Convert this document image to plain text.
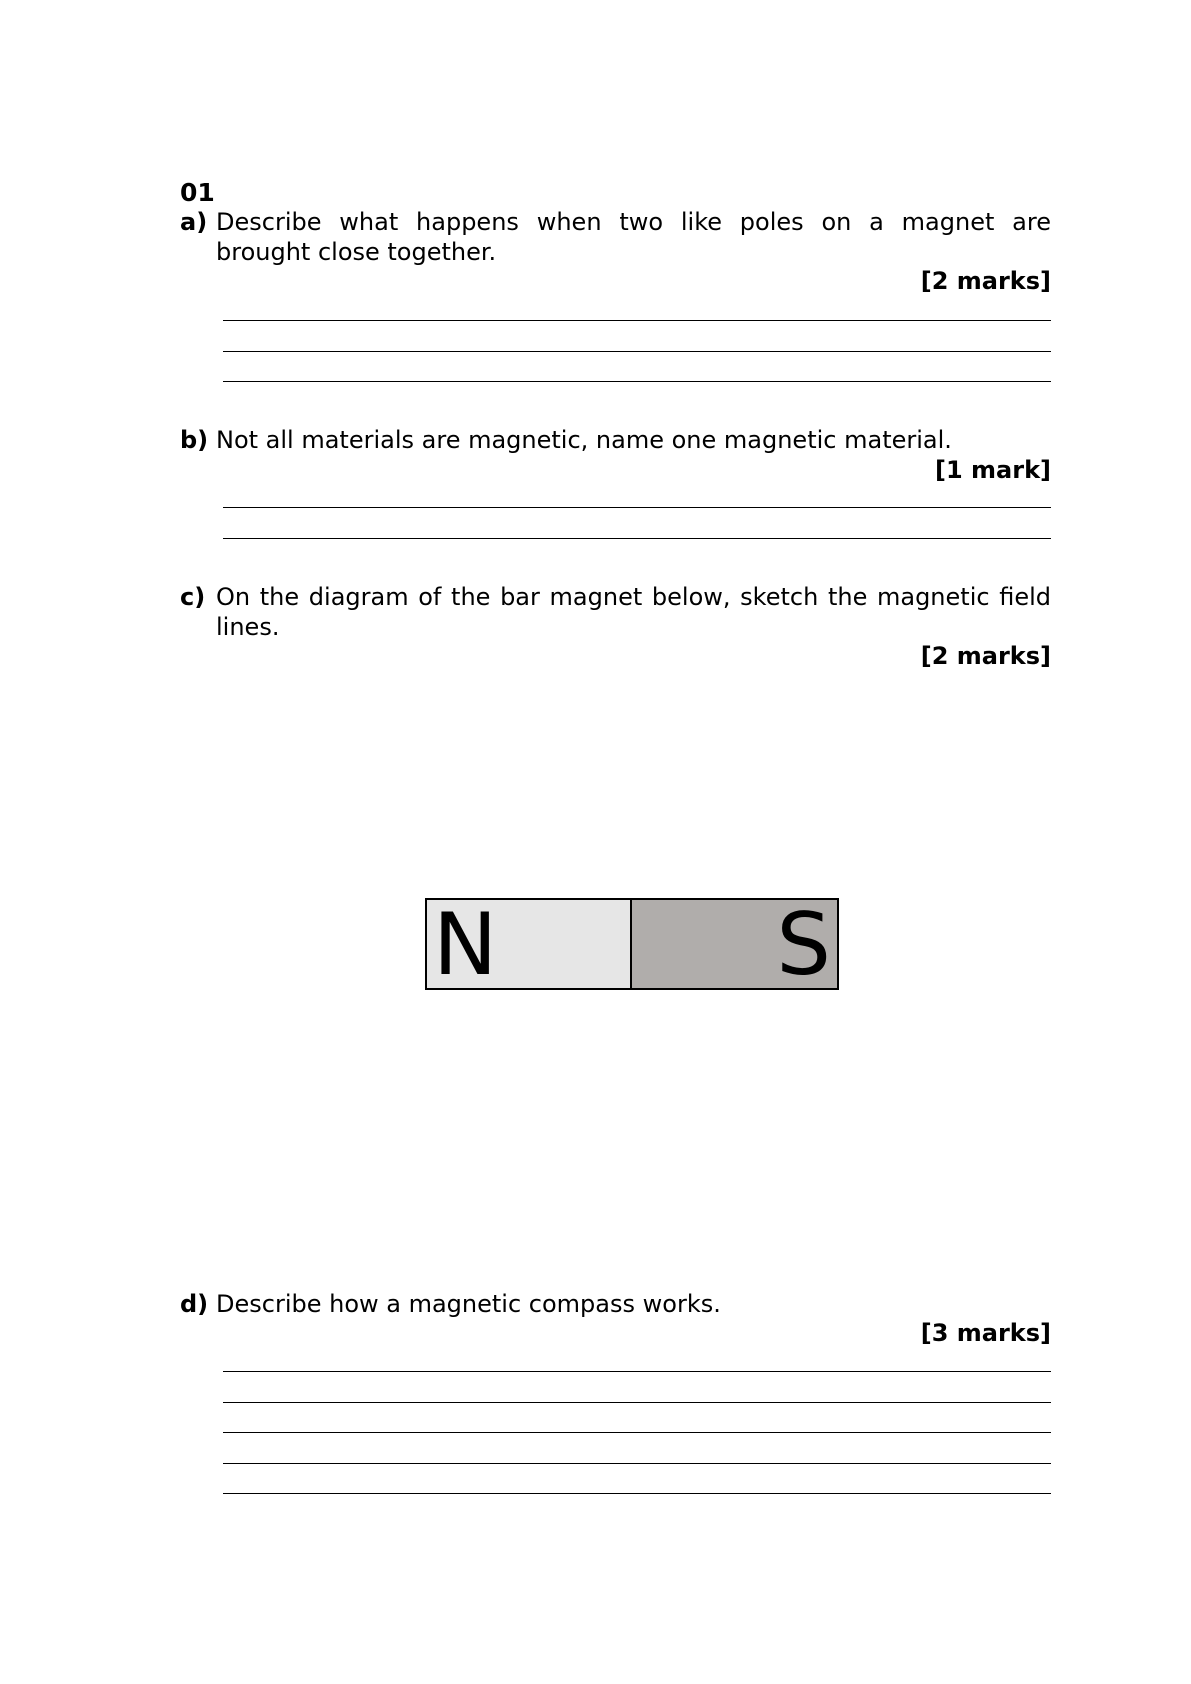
01
a) Describe what happens when two like poles on a magnet are brought close together.
[2 marks]
b) Not all materials are magnetic, name one magnetic material.
[1 mark]
c) On the diagram of the bar magnet below, sketch the magnetic field lines.
[2 marks]
N	S
d) Describe how a magnetic compass works.
[3 marks]
